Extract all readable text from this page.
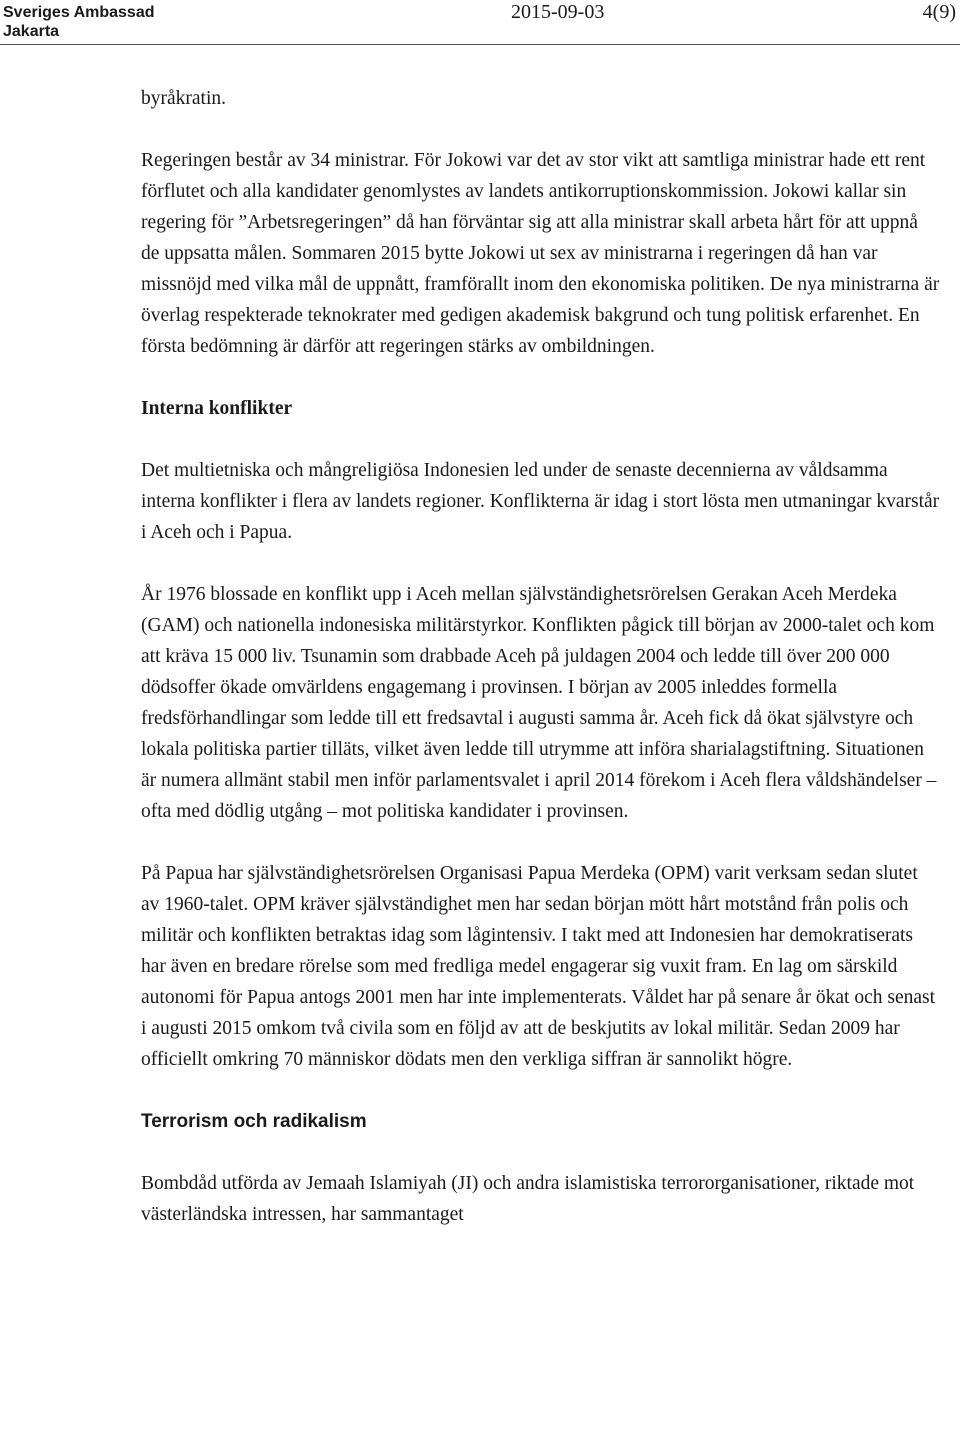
Sveriges Ambassad
Jakarta
2015-09-03	4(9)

byråkratin.

Regeringen består av 34 ministrar. För Jokowi var det av stor vikt att samtliga ministrar hade ett rent förflutet och alla kandidater genomlystes av landets antikorruptionskommission. Jokowi kallar sin regering för ”Arbetsregeringen” då han förväntar sig att alla ministrar skall arbeta hårt för att uppnå de uppsatta målen. Sommaren 2015 bytte Jokowi ut sex av ministrarna i regeringen då han var missnöjd med vilka mål de uppnått, framförallt inom den ekonomiska politiken. De nya ministrarna är överlag respekterade teknokrater med gedigen akademisk bakgrund och tung politisk erfarenhet. En första bedömning är därför att regeringen stärks av ombildningen.

Interna konflikter

Det multietniska och mångreligiösa Indonesien led under de senaste decennierna av våldsamma interna konflikter i flera av landets regioner. Konflikterna är idag i stort lösta men utmaningar kvarstår i Aceh och i Papua.

År 1976 blossade en konflikt upp i Aceh mellan självständighetsrörelsen Gerakan Aceh Merdeka (GAM) och nationella indonesiska militärstyrkor. Konflikten pågick till början av 2000-talet och kom att kräva 15 000 liv. Tsunamin som drabbade Aceh på juldagen 2004 och ledde till över 200 000 dödsoffer ökade omvärldens engagemang i provinsen. I början av 2005 inleddes formella fredsförhandlingar som ledde till ett fredsavtal i augusti samma år. Aceh fick då ökat självstyre och lokala politiska partier tilläts, vilket även ledde till utrymme att införa sharialagstiftning. Situationen är numera allmänt stabil men inför parlamentsvalet i april 2014 förekom i Aceh flera våldshändelser – ofta med dödlig utgång – mot politiska kandidater i provinsen.

På Papua har självständighetsrörelsen Organisasi Papua Merdeka (OPM) varit verksam sedan slutet av 1960-talet. OPM kräver självständighet men har sedan början mött hårt motstånd från polis och militär och konflikten betraktas idag som lågintensiv. I takt med att Indonesien har demokratiserats har även en bredare rörelse som med fredliga medel engagerar sig vuxit fram. En lag om särskild autonomi för Papua antogs 2001 men har inte implementerats. Våldet har på senare år ökat och senast i augusti 2015 omkom två civila som en följd av att de beskjutits av lokal militär. Sedan 2009 har officiellt omkring 70 människor dödats men den verkliga siffran är sannolikt högre.

Terrorism och radikalism

Bombdåd utförda av Jemaah Islamiyah (JI) och andra islamistiska terrororganisationer, riktade mot västerländska intressen, har sammantaget
